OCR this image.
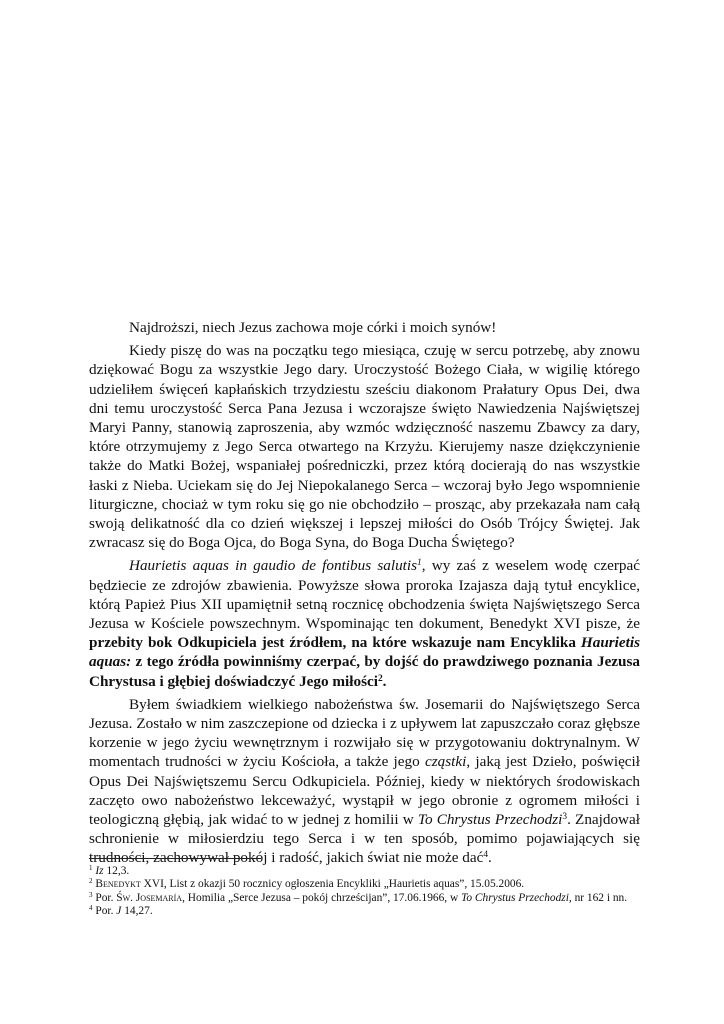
Najdroższi, niech Jezus zachowa moje córki i moich synów!

Kiedy piszę do was na początku tego miesiąca, czuję w sercu potrzebę, aby znowu dziękować Bogu za wszystkie Jego dary. Uroczystość Bożego Ciała, w wigilię którego udzieliłem święceń kapłańskich trzydziestu sześciu diakonom Prałatury Opus Dei, dwa dni temu uroczystość Serca Pana Jezusa i wczorajsze święto Nawiedzenia Najświętszej Maryi Panny, stanowią zaproszenia, aby wzmóc wdzięczność naszemu Zbawcy za dary, które otrzymujemy z Jego Serca otwartego na Krzyżu. Kierujemy nasze dziękczynienie także do Matki Bożej, wspaniałej pośredniczki, przez którą docierają do nas wszystkie łaski z Nieba. Uciekam się do Jej Niepokalanego Serca – wczoraj było Jego wspomnienie liturgiczne, chociaż w tym roku się go nie obchodziło – prosząc, aby przekazała nam całą swoją delikatność dla co dzień większej i lepszej miłości do Osób Trójcy Świętej. Jak zwracasz się do Boga Ojca, do Boga Syna, do Boga Ducha Świętego?

Haurietis aquas in gaudio de fontibus salutis$^1$, wy zaś z weselem wodę czerpać będziecie ze zdrojów zbawienia. Powyższe słowa proroka Izajasza dają tytuł encyklice, którą Papież Pius XII upamiętnił setną rocznicę obchodzenia święta Najświętszego Serca Jezusa w Kościele powszechnym. Wspominając ten dokument, Benedykt XVI pisze, że przebity bok Odkupiciela jest źródłem, na które wskazuje nam Encyklika Haurietis aquas: z tego źródła powinniśmy czerpać, by dojść do prawdziwego poznania Jezusa Chrystusa i głębiej doświadczyć Jego miłości$^2$.

Byłem świadkiem wielkiego nabożeństwa św. Josemarii do Najświętszego Serca Jezusa. Zostało w nim zaszczepione od dziecka i z upływem lat zapuszczało coraz głębsze korzenie w jego życiu wewnętrznym i rozwijało się w przygotowaniu doktrynalnym. W momentach trudności w życiu Kościoła, a także jego cząstki, jaką jest Dzieło, poświęcił Opus Dei Najświętszemu Sercu Odkupiciela. Później, kiedy w niektórych środowiskach zaczęto owo nabożeństwo lekceważyć, wystąpił w jego obronie z ogromem miłości i teologiczną głębią, jak widać to w jednej z homilii w To Chrystus Przechodzi$^3$. Znajdował schronienie w miłosierdziu tego Serca i w ten sposób, pomimo pojawiających się trudności, zachowywał pokój i radość, jakich świat nie może dać$^4$.

$^1$ Iz 12,3.

$^2$ Benedykt XVI, List z okazji 50 rocznicy ogłoszenia Encykliki „Haurietis aquas”, 15.05.2006.

$^3$ Por. Św. Josemaría, Homilia „Serce Jezusa – pokój chrześcijan”, 17.06.1966, w To Chrystus Przechodzi, nr 162 i nn.

$^4$ Por. J 14,27.
